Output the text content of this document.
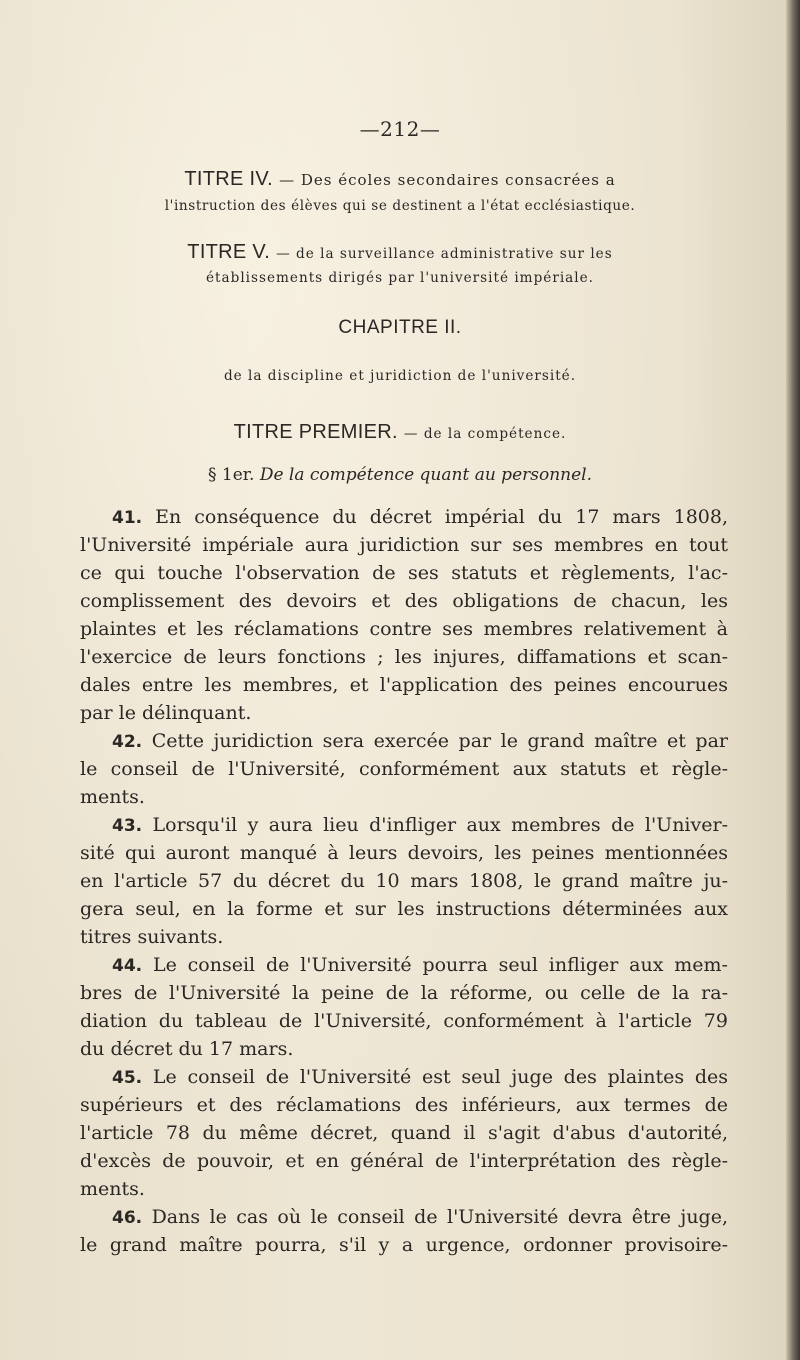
—212—
TITRE IV. — Des écoles secondaires consacrées a
l'instruction des élèves qui se destinent a l'état ecclésiastique.
TITRE V. — de la surveillance administrative sur les
établissements dirigés par l'université impériale.
CHAPITRE II.
de la discipline et juridiction de l'université.
TITRE PREMIER. — de la compétence.
§ 1er. De la compétence quant au personnel.
41. En conséquence du décret impérial du 17 mars 1808,
l'Université impériale aura juridiction sur ses membres en tout
ce qui touche l'observation de ses statuts et règlements, l'ac-
complissement des devoirs et des obligations de chacun, les
plaintes et les réclamations contre ses membres relativement à
l'exercice de leurs fonctions ; les injures, diffamations et scan-
dales entre les membres, et l'application des peines encourues
par le délinquant.
42. Cette juridiction sera exercée par le grand maître et par
le conseil de l'Université, conformément aux statuts et règle-
ments.
43. Lorsqu'il y aura lieu d'infliger aux membres de l'Univer-
sité qui auront manqué à leurs devoirs, les peines mentionnées
en l'article 57 du décret du 10 mars 1808, le grand maître ju-
gera seul, en la forme et sur les instructions déterminées aux
titres suivants.
44. Le conseil de l'Université pourra seul infliger aux mem-
bres de l'Université la peine de la réforme, ou celle de la ra-
diation du tableau de l'Université, conformément à l'article 79
du décret du 17 mars.
45. Le conseil de l'Université est seul juge des plaintes des
supérieurs et des réclamations des inférieurs, aux termes de
l'article 78 du même décret, quand il s'agit d'abus d'autorité,
d'excès de pouvoir, et en général de l'interprétation des règle-
ments.
46. Dans le cas où le conseil de l'Université devra être juge,
le grand maître pourra, s'il y a urgence, ordonner provisoire-
